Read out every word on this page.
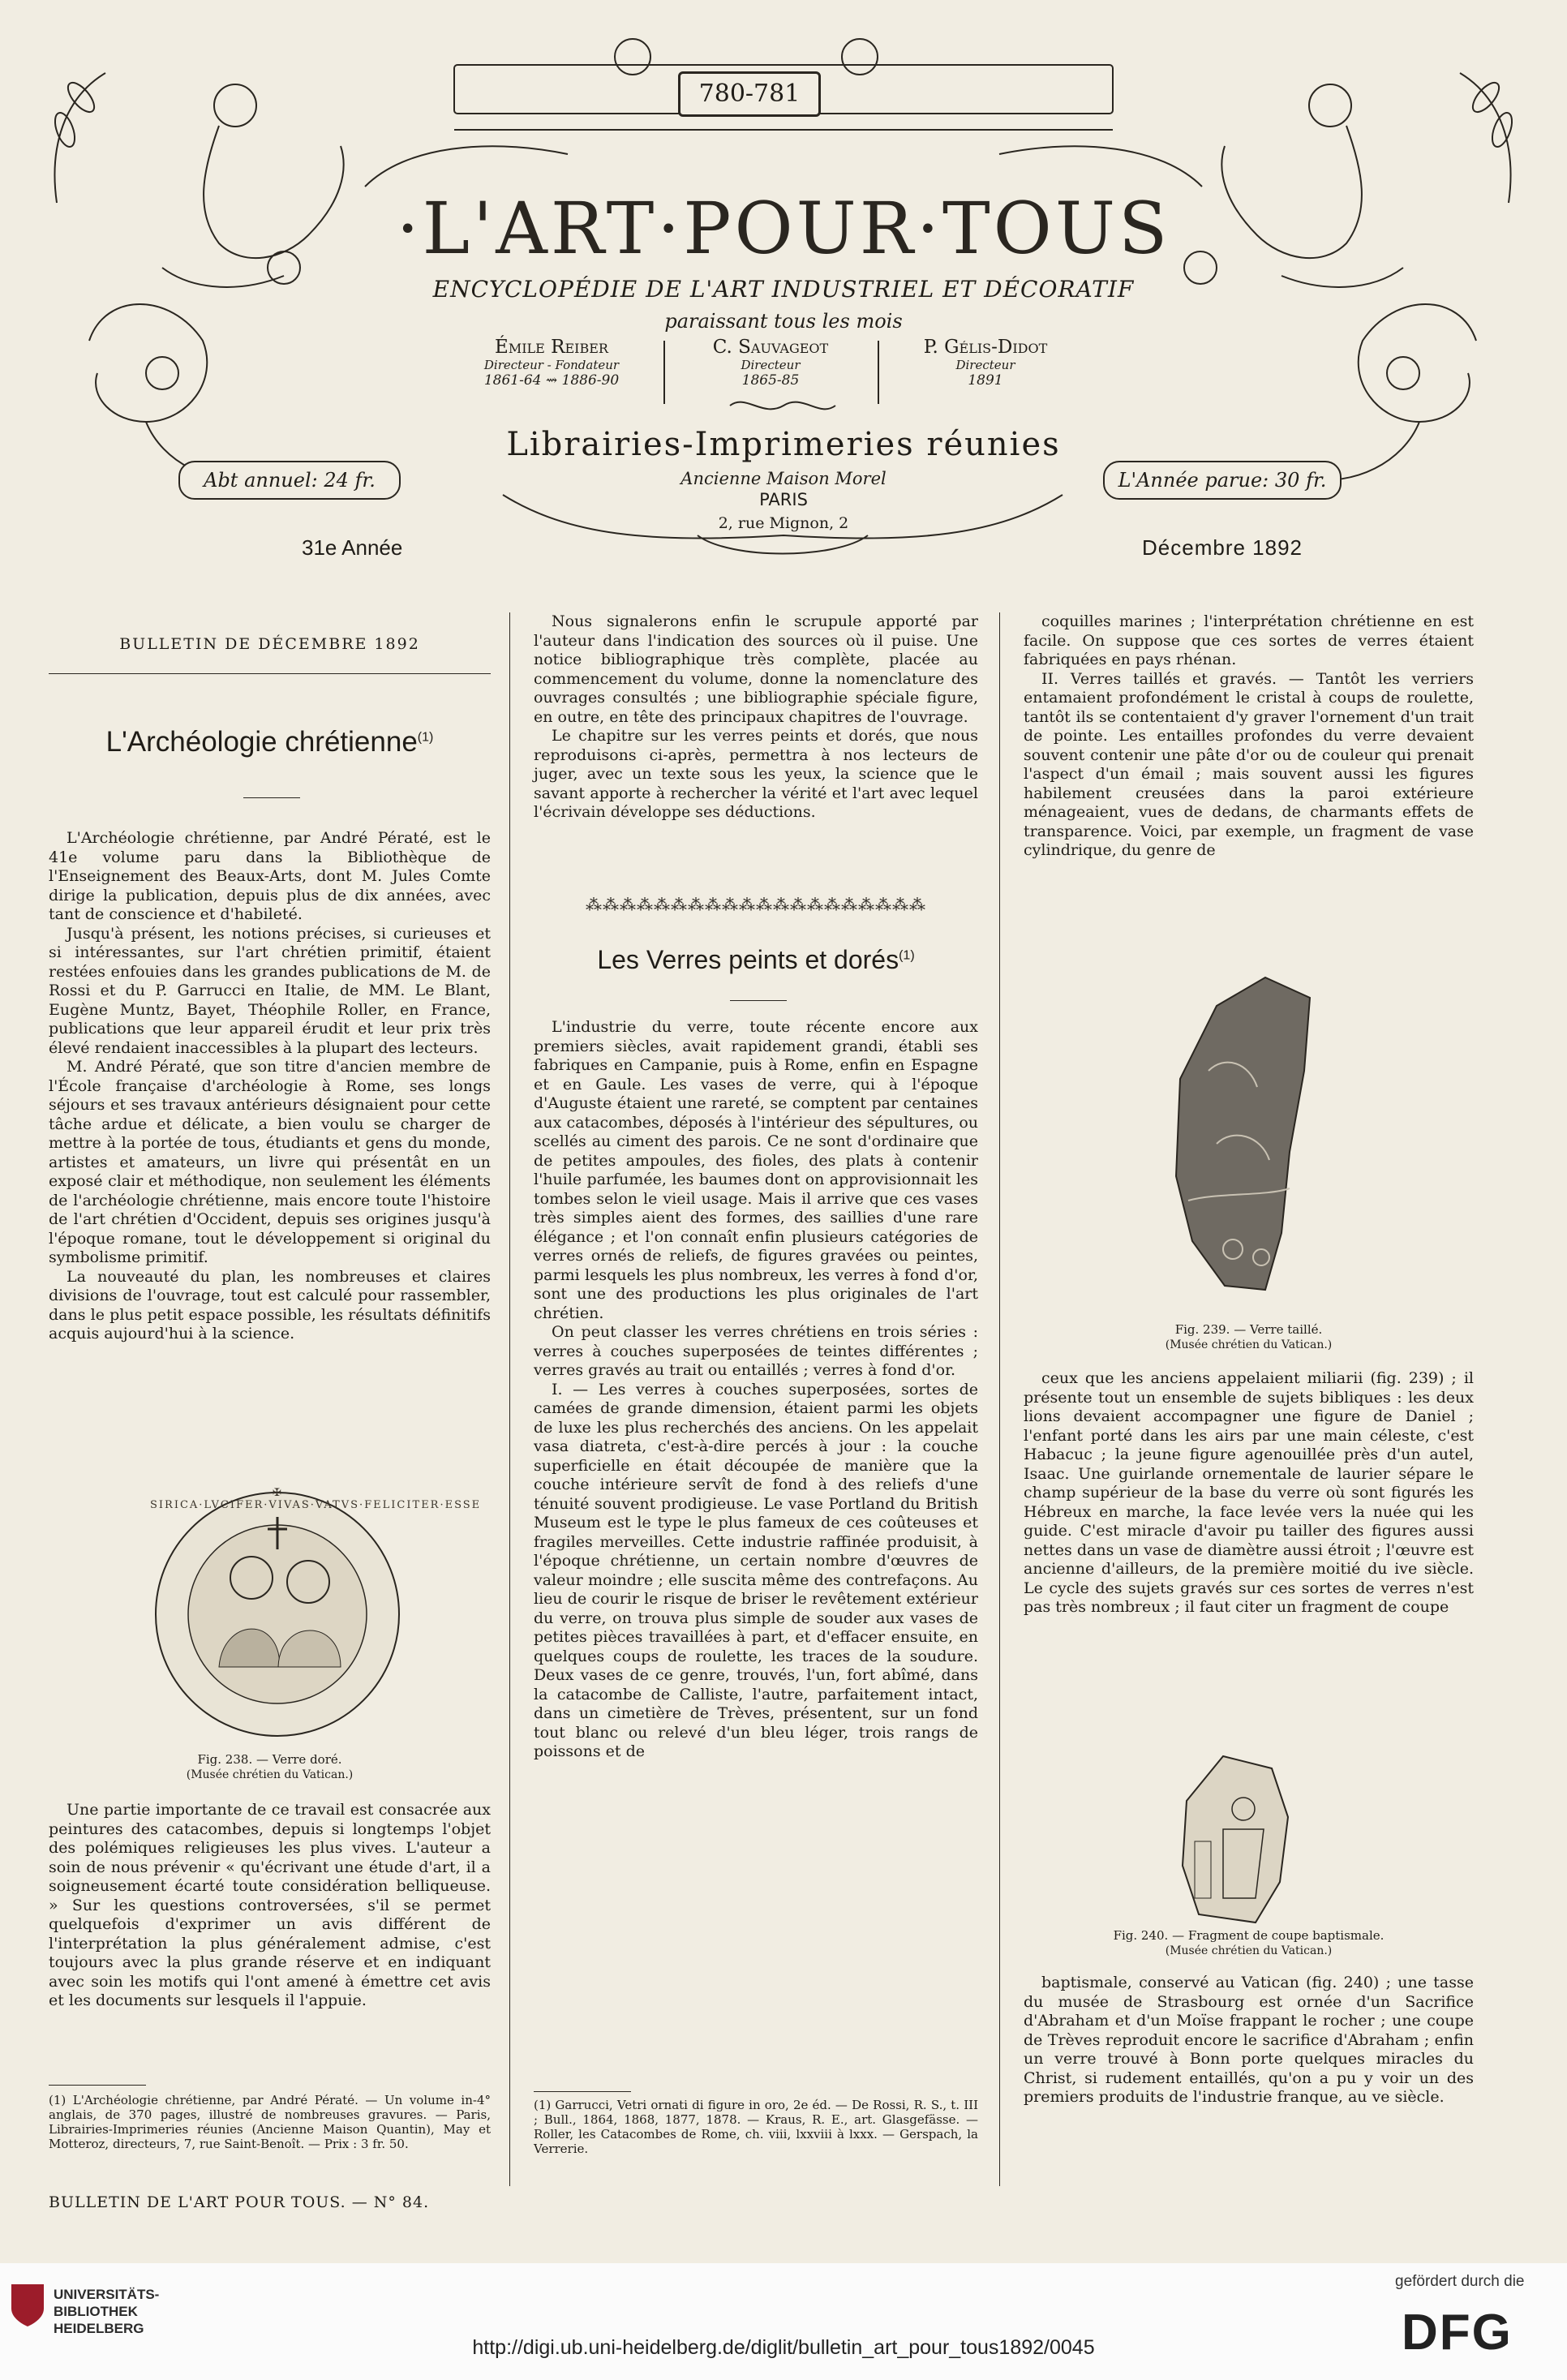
780-781
·L'ART·POUR·TOUS
ENCYCLOPÉDIE DE L'ART INDUSTRIEL ET DÉCORATIF
paraissant tous les mois
Émile Reiber
Directeur - Fondateur
1861-64 ⇝ 1886-90
C. Sauvageot
Directeur
1865-85
P. Gélis-Didot
Directeur
1891
Librairies-Imprimeries réunies
Abt annuel: 24 fr.	L'Année parue: 30 fr.
Ancienne Maison Morel
PARIS
2, rue Mignon, 2
31e Année	Décembre 1892
BULLETIN DE DÉCEMBRE 1892
L'Archéologie chrétienne$^{(1)}$

L'Archéologie chrétienne, par André Pératé, est le 41e volume paru dans la Bibliothèque de l'Enseignement des Beaux-Arts, dont M. Jules Comte dirige la publication, depuis plus de dix années, avec tant de conscience et d'habileté.

Jusqu'à présent, les notions précises, si curieuses et si intéressantes, sur l'art chrétien primitif, étaient restées enfouies dans les grandes publications de M. de Rossi et du P. Garrucci en Italie, de MM. Le Blant, Eugène Muntz, Bayet, Théophile Roller, en France, publications que leur appareil érudit et leur prix très élevé rendaient inaccessibles à la plupart des lecteurs.

M. André Pératé, que son titre d'ancien membre de l'École française d'archéologie à Rome, ses longs séjours et ses travaux antérieurs désignaient pour cette tâche ardue et délicate, a bien voulu se charger de mettre à la portée de tous, étudiants et gens du monde, artistes et amateurs, un livre qui présentât en un exposé clair et méthodique, non seulement les éléments de l'archéologie chrétienne, mais encore toute l'histoire de l'art chrétien d'Occident, depuis ses origines jusqu'à l'époque romane, tout le développement si original du symbolisme primitif.

La nouveauté du plan, les nombreuses et claires divisions de l'ouvrage, tout est calculé pour rassembler, dans le plus petit espace possible, les résultats définitifs acquis aujourd'hui à la science.

✠ SIRICA·LVCIFER·VIVAS·VATVS·FELICITER·ESSE
Fig. 238. — Verre doré.
(Musée chrétien du Vatican.)

Une partie importante de ce travail est consacrée aux peintures des catacombes, depuis si longtemps l'objet des polémiques religieuses les plus vives. L'auteur a soin de nous prévenir « qu'écrivant une étude d'art, il a soigneusement écarté toute considération belliqueuse. » Sur les questions controversées, s'il se permet quelquefois d'exprimer un avis différent de l'interprétation la plus généralement admise, c'est toujours avec la plus grande réserve et en indiquant avec soin les motifs qui l'ont amené à émettre cet avis et les documents sur lesquels il l'appuie.

(1) L'Archéologie chrétienne, par André Pératé. — Un volume in-4° anglais, de 370 pages, illustré de nombreuses gravures. — Paris, Librairies-Imprimeries réunies (Ancienne Maison Quantin), May et Motteroz, directeurs, 7, rue Saint-Benoît. — Prix : 3 fr. 50.

Nous signalerons enfin le scrupule apporté par l'auteur dans l'indication des sources où il puise. Une notice bibliographique très complète, placée au commencement du volume, donne la nomenclature des ouvrages consultés ; une bibliographie spéciale figure, en outre, en tête des principaux chapitres de l'ouvrage.

Le chapitre sur les verres peints et dorés, que nous reproduisons ci-après, permettra à nos lecteurs de juger, avec un texte sous les yeux, la science que le savant apporte à rechercher la vérité et l'art avec lequel l'écrivain développe ses déductions.

⁂⁂⁂⁂⁂⁂⁂⁂⁂⁂⁂⁂⁂⁂⁂⁂⁂⁂⁂⁂
Les Verres peints et dorés$^{(1)}$

L'industrie du verre, toute récente encore aux premiers siècles, avait rapidement grandi, établi ses fabriques en Campanie, puis à Rome, enfin en Espagne et en Gaule. Les vases de verre, qui à l'époque d'Auguste étaient une rareté, se comptent par centaines aux catacombes, déposés à l'intérieur des sépultures, ou scellés au ciment des parois. Ce ne sont d'ordinaire que de petites ampoules, des fioles, des plats à contenir l'huile parfumée, les baumes dont on approvisionnait les tombes selon le vieil usage. Mais il arrive que ces vases très simples aient des formes, des saillies d'une rare élégance ; et l'on connaît enfin plusieurs catégories de verres ornés de reliefs, de figures gravées ou peintes, parmi lesquels les plus nombreux, les verres à fond d'or, sont une des productions les plus originales de l'art chrétien.

On peut classer les verres chrétiens en trois séries : verres à couches superposées de teintes différentes ; verres gravés au trait ou entaillés ; verres à fond d'or.

I. — Les verres à couches superposées, sortes de camées de grande dimension, étaient parmi les objets de luxe les plus recherchés des anciens. On les appelait vasa diatreta, c'est-à-dire percés à jour : la couche superficielle en était découpée de manière que la couche intérieure servît de fond à des reliefs d'une ténuité souvent prodigieuse. Le vase Portland du British Museum est le type le plus fameux de ces coûteuses et fragiles merveilles. Cette industrie raffinée produisit, à l'époque chrétienne, un certain nombre d'œuvres de valeur moindre ; elle suscita même des contrefaçons. Au lieu de courir le risque de briser le revêtement extérieur du verre, on trouva plus simple de souder aux vases de petites pièces travaillées à part, et d'effacer ensuite, en quelques coups de roulette, les traces de la soudure. Deux vases de ce genre, trouvés, l'un, fort abîmé, dans la catacombe de Calliste, l'autre, parfaitement intact, dans un cimetière de Trèves, présentent, sur un fond tout blanc ou relevé d'un bleu léger, trois rangs de poissons et de

(1) Garrucci, Vetri ornati di figure in oro, 2e éd. — De Rossi, R. S., t. III ; Bull., 1864, 1868, 1877, 1878. — Kraus, R. E., art. Glasgefässe. — Roller, les Catacombes de Rome, ch. viii, lxxviii à lxxx. — Gerspach, la Verrerie.

coquilles marines ; l'interprétation chrétienne en est facile. On suppose que ces sortes de verres étaient fabriquées en pays rhénan.

II. Verres taillés et gravés. — Tantôt les verriers entamaient profondément le cristal à coups de roulette, tantôt ils se contentaient d'y graver l'ornement d'un trait de pointe. Les entailles profondes du verre devaient souvent contenir une pâte d'or ou de couleur qui prenait l'aspect d'un émail ; mais souvent aussi les figures habilement creusées dans la paroi extérieure ménageaient, vues de dedans, de charmants effets de transparence. Voici, par exemple, un fragment de vase cylindrique, du genre de

Fig. 239. — Verre taillé.
(Musée chrétien du Vatican.)

ceux que les anciens appelaient miliarii (fig. 239) ; il présente tout un ensemble de sujets bibliques : les deux lions devaient accompagner une figure de Daniel ; l'enfant porté dans les airs par une main céleste, c'est Habacuc ; la jeune figure agenouillée près d'un autel, Isaac. Une guirlande ornementale de laurier sépare le champ supérieur de la base du verre où sont figurés les Hébreux en marche, la face levée vers la nuée qui les guide. C'est miracle d'avoir pu tailler des figures aussi nettes dans un vase de diamètre aussi étroit ; l'œuvre est ancienne d'ailleurs, de la première moitié du ive siècle. Le cycle des sujets gravés sur ces sortes de verres n'est pas très nombreux ; il faut citer un fragment de coupe

Fig. 240. — Fragment de coupe baptismale.
(Musée chrétien du Vatican.)

baptismale, conservé au Vatican (fig. 240) ; une tasse du musée de Strasbourg est ornée d'un Sacrifice d'Abraham et d'un Moïse frappant le rocher ; une coupe de Trèves reproduit encore le sacrifice d'Abraham ; enfin un verre trouvé à Bonn porte quelques miracles du Christ, si rudement entaillés, qu'on a pu y voir un des premiers produits de l'industrie franque, au ve siècle.

BULLETIN DE L'ART POUR TOUS. — N° 84.
UNIVERSITÄTS-
BIBLIOTHEK
HEIDELBERG
http://digi.ub.uni-heidelberg.de/diglit/bulletin_art_pour_tous1892/0045
gefördert durch die
DFG
